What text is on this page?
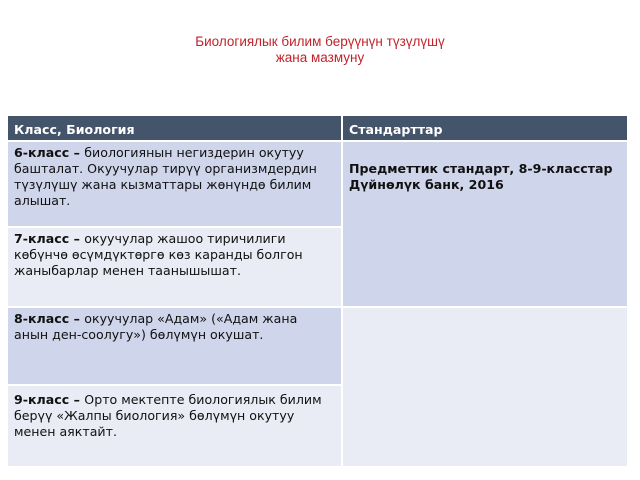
Биологиялык билим берүүнүн түзүлүшү
жана мазмуну
Класс, Биология	Стандарттар
6-класс – биологиянын негиздерин окутуу башталат. Окуучулар тирүү организмдердин түзүлүшү жана кызматтары жөнүндө билим алышат.
7-класс – окуучулар жашоо тиричилиги көбүнчө өсүмдүктөргө көз каранды болгон жаныбарлар менен таанышышат.
8-класс – окуучулар «Адам» («Адам жана анын ден-соолугу») бөлүмүн окушат.
9-класс – Орто мектепте биологиялык билим берүү «Жалпы биология» бөлүмүн окутуу менен аяктайт.

Предметтик стандарт, 8-9-класстар
Дүйнөлүк банк, 2016
